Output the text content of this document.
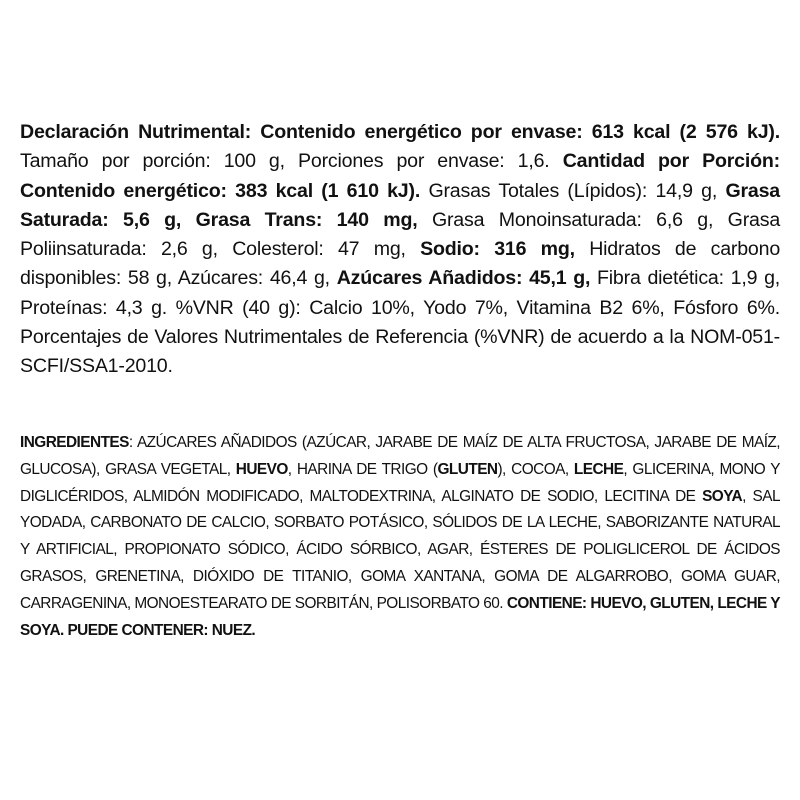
Declaración Nutrimental: Contenido energético por envase: 613 kcal (2 576 kJ). Tamaño por porción: 100 g, Porciones por envase: 1,6. Cantidad por Porción: Contenido energético: 383 kcal (1 610 kJ). Grasas Totales (Lípidos): 14,9 g, Grasa Saturada: 5,6 g, Grasa Trans: 140 mg, Grasa Monoinsaturada: 6,6 g, Grasa Poliinsaturada: 2,6 g, Colesterol: 47 mg, Sodio: 316 mg, Hidratos de carbono disponibles: 58 g, Azúcares: 46,4 g, Azúcares Añadidos: 45,1 g, Fibra dietética: 1,9 g, Proteínas: 4,3 g. %VNR (40 g): Calcio 10%, Yodo 7%, Vitamina B2 6%, Fósforo 6%. Porcentajes de Valores Nutrimentales de Referencia (%VNR) de acuerdo a la NOM-051-SCFI/SSA1-2010.
INGREDIENTES: AZÚCARES AÑADIDOS (AZÚCAR, JARABE DE MAÍZ DE ALTA FRUCTOSA, JARABE DE MAÍZ, GLUCOSA), GRASA VEGETAL, HUEVO, HARINA DE TRIGO (GLUTEN), COCOA, LECHE, GLICERINA, MONO Y DIGLICÉRIDOS, ALMIDÓN MODIFICADO, MALTODEXTRINA, ALGINATO DE SODIO, LECITINA DE SOYA, SAL YODADA, CARBONATO DE CALCIO, SORBATO POTÁSICO, SÓLIDOS DE LA LECHE, SABORIZANTE NATURAL Y ARTIFICIAL, PROPIONATO SÓDICO, ÁCIDO SÓRBICO, AGAR, ÉSTERES DE POLIGLICEROL DE ÁCIDOS GRASOS, GRENETINA, DIÓXIDO DE TITANIO, GOMA XANTANA, GOMA DE ALGARROBO, GOMA GUAR, CARRAGENINA, MONOESTEARATO DE SORBITÁN, POLISORBATO 60. CONTIENE: HUEVO, GLUTEN, LECHE Y SOYA. PUEDE CONTENER: NUEZ.
